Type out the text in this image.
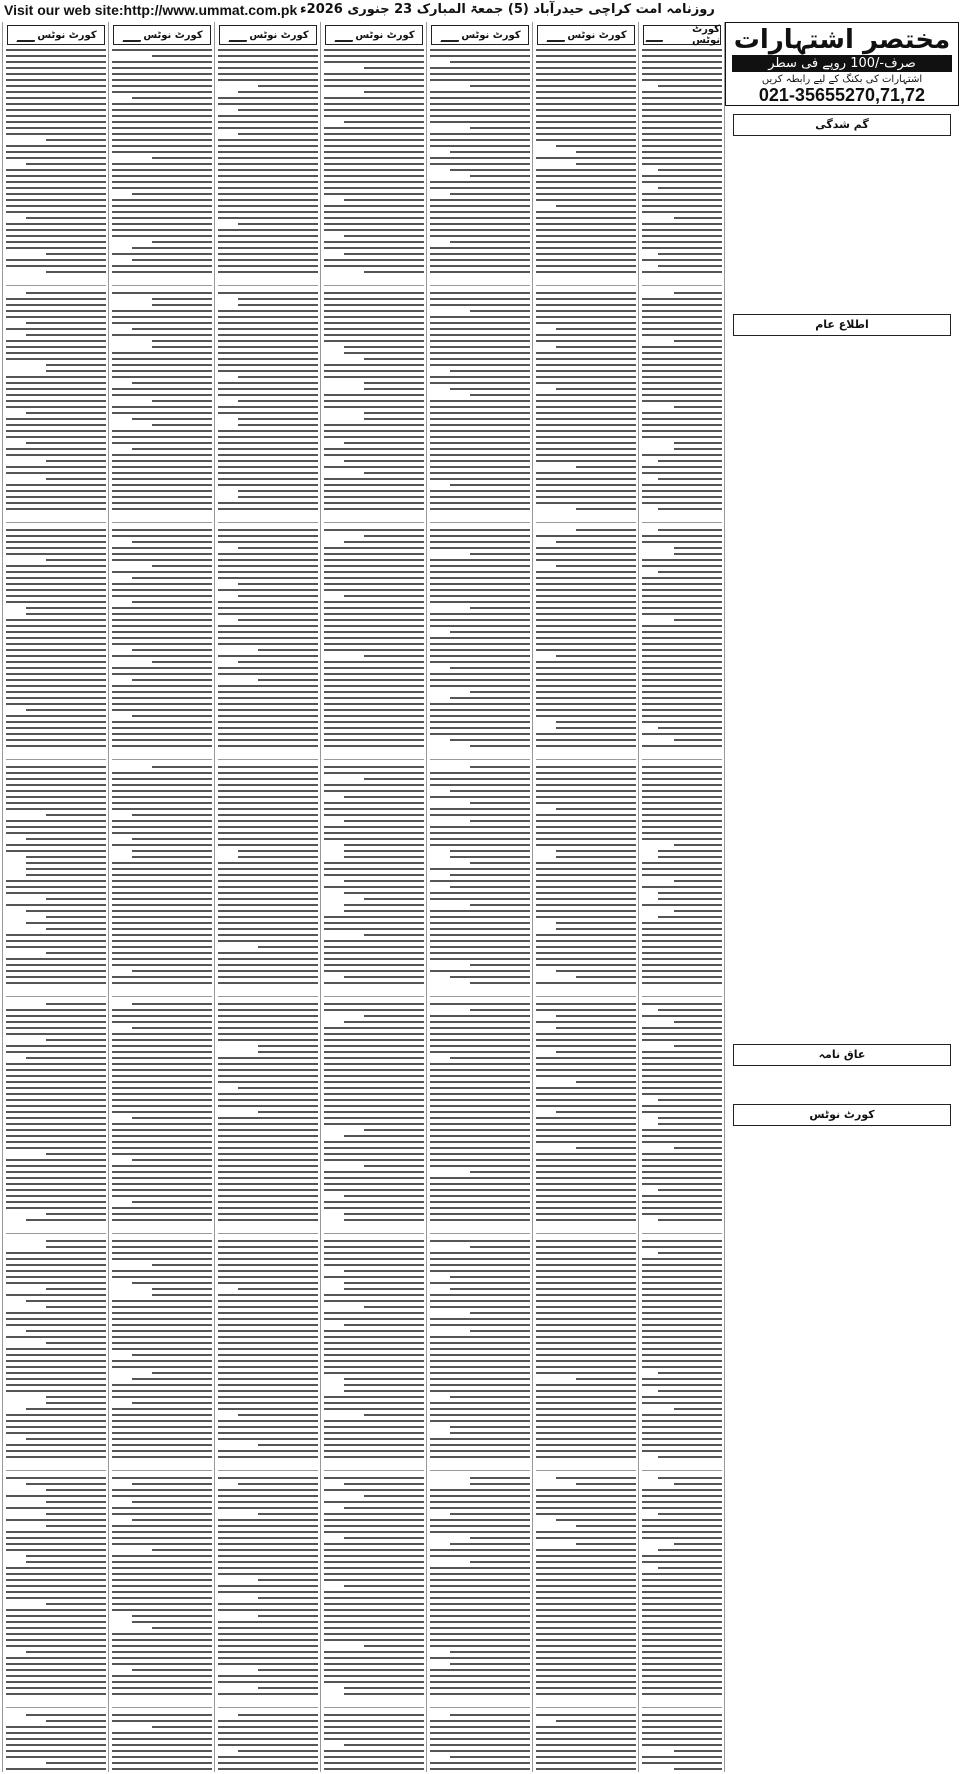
Visit our web site:http://www.ummat.com.pk روزنامہ امت کراچی حیدرآباد (5) جمعۃ المبارک 23 جنوری 2026ء
کورٹ نوٹس	کورٹ نوٹس	کورٹ نوٹس	کورٹ نوٹس	کورٹ نوٹس	کورٹ نوٹس	کورٹ نوٹس مختصر اشتہارات
صرف-/100 روپے فی سطر
اشتہارات کی بکنگ کے لیے رابطہ کریں
021-35655270,71,72
گم شدگی
اطلاع عام
عاق نامہ
کورٹ نوٹس
